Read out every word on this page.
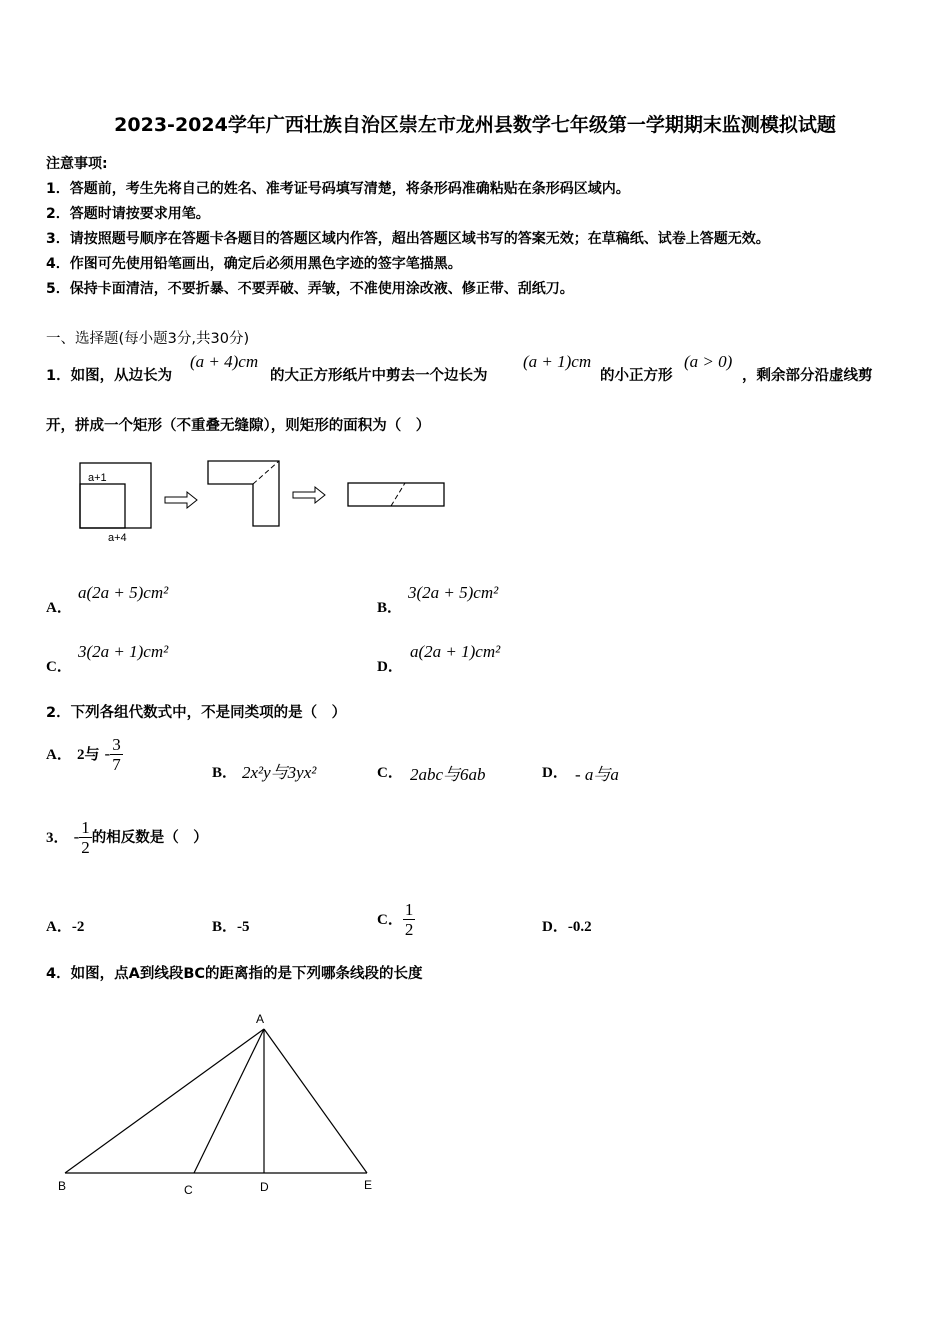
2023-2024学年广西壮族自治区崇左市龙州县数学七年级第一学期期末监测模拟试题
注意事项:
1．答题前，考生先将自己的姓名、准考证号码填写清楚，将条形码准确粘贴在条形码区域内。
2．答题时请按要求用笔。
3．请按照题号顺序在答题卡各题目的答题区域内作答，超出答题区域书写的答案无效；在草稿纸、试卷上答题无效。
4．作图可先使用铅笔画出，确定后必须用黑色字迹的签字笔描黑。
5．保持卡面清洁，不要折暴、不要弄破、弄皱，不准使用涂改液、修正带、刮纸刀。
一、选择题(每小题3分,共30分)
1．如图，从边长为
(a + 4)cm
的大正方形纸片中剪去一个边长为
(a + 1)cm
的小正方形
(a > 0)
，剩余部分沿虚线剪
开，拼成一个矩形（不重叠无缝隙），则矩形的面积为（　）
a+1
a+4
A．
a(2a + 5)cm²
B．
3(2a + 5)cm²
C．
3(2a + 1)cm²
D．
a(2a + 1)cm²
2．下列各组代数式中，不是同类项的是（　）
A． 2与 - $\frac{3}{7}$	B． 2x²y与3yx²	C． 2abc与6ab	D． - a与a
3． - $\frac{1}{2}$ 的相反数是（　）
A．-2	B．-5	C． $\frac{1}{2}$	D．-0.2
4．如图，点A到线段BC的距离指的是下列哪条线段的长度
A
B	C	D	E
